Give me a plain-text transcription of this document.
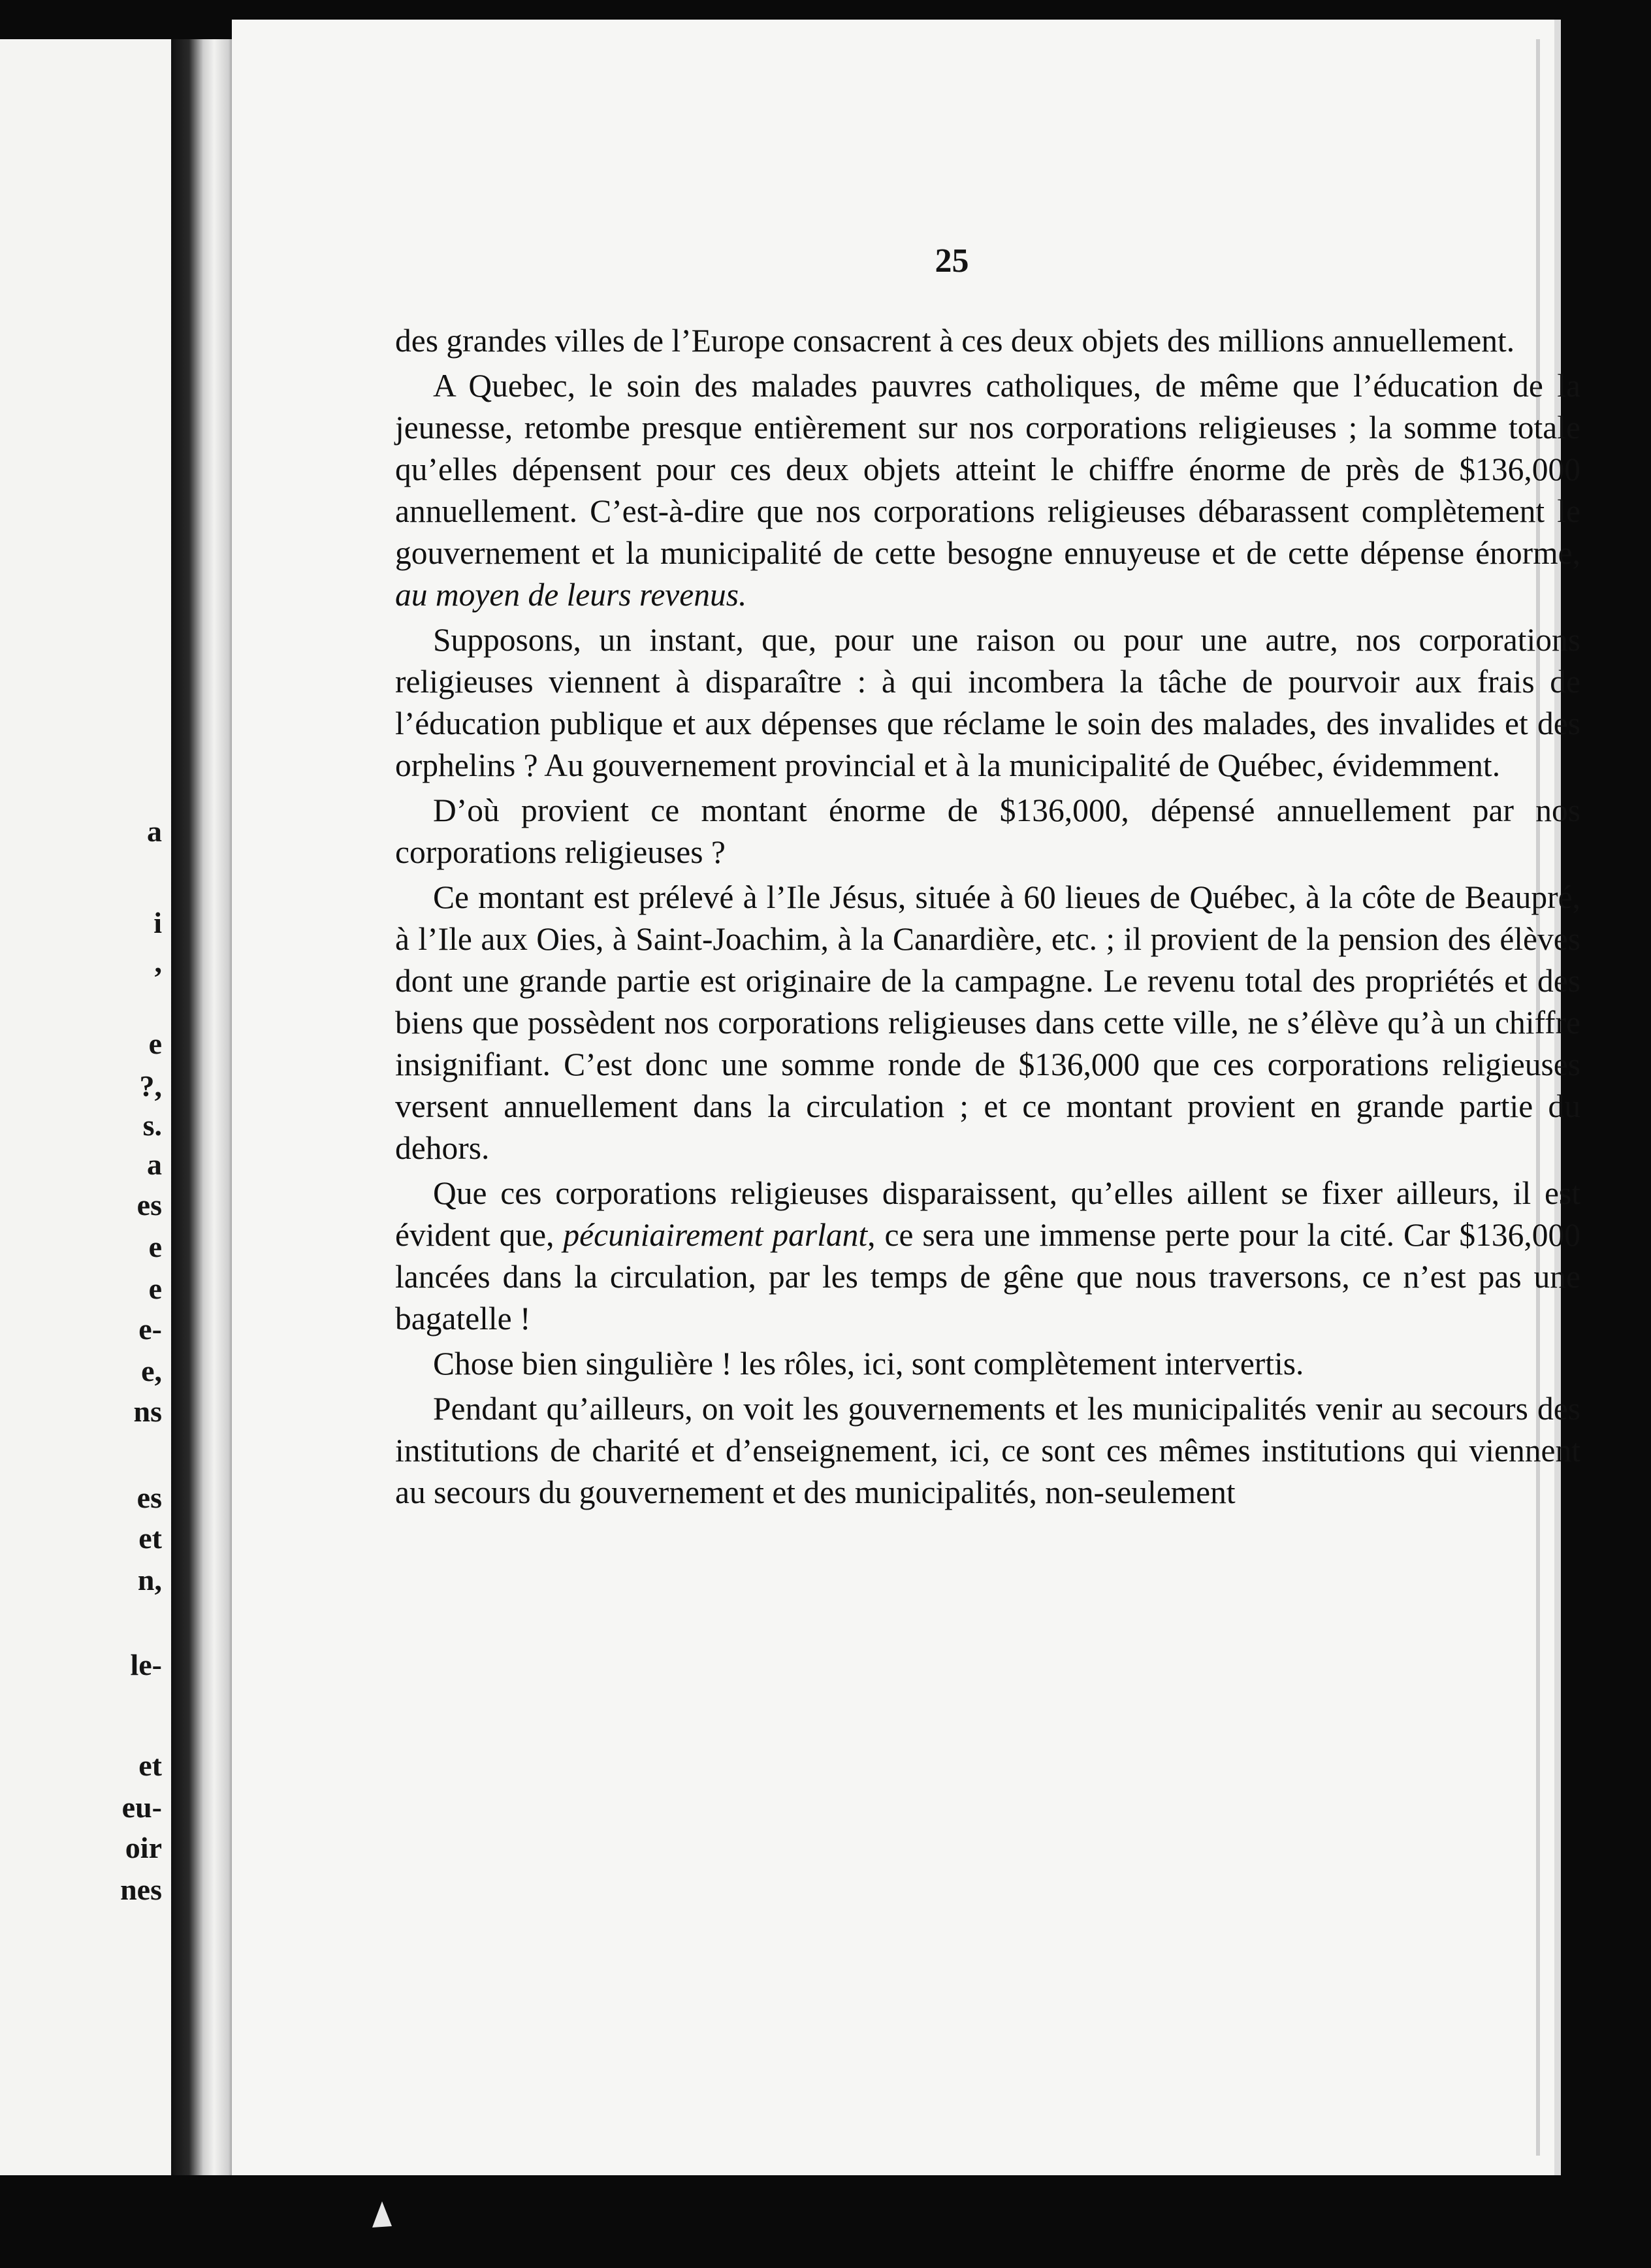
a
i
,
e
?,
s.
a
es
e
e
e-
e,
ns
es
et
n,
le-
et
eu-
oir
nes
25

des grandes villes de l’Europe consacrent à ces deux objets des millions annuellement.

A Quebec, le soin des malades pauvres catholiques, de même que l’éducation de la jeunesse, retombe presque entièrement sur nos corporations religieuses ; la somme totale qu’elles dépensent pour ces deux objets atteint le chiffre énorme de près de $136,000 annuellement. C’est-à-dire que nos corporations religieuses débarassent complètement le gouvernement et la municipalité de cette besogne ennuyeuse et de cette dépense énorme, au moyen de leurs revenus.

Supposons, un instant, que, pour une raison ou pour une autre, nos corporations religieuses viennent à disparaître : à qui incombera la tâche de pourvoir aux frais de l’éducation publique et aux dépenses que réclame le soin des malades, des invalides et des orphelins ? Au gouvernement provincial et à la municipalité de Québec, évidemment.

D’où provient ce montant énorme de $136,000, dépensé annuellement par nos corporations religieuses ?

Ce montant est prélevé à l’Ile Jésus, située à 60 lieues de Québec, à la côte de Beaupré, à l’Ile aux Oies, à Saint-Joachim, à la Canardière, etc. ; il provient de la pension des élèves dont une grande partie est originaire de la campagne. Le revenu total des propriétés et des biens que possèdent nos corporations religieuses dans cette ville, ne s’élève qu’à un chiffre insignifiant. C’est donc une somme ronde de $136,000 que ces corporations religieuses versent annuellement dans la circulation ; et ce montant provient en grande partie du dehors.

Que ces corporations religieuses disparaissent, qu’elles aillent se fixer ailleurs, il est évident que, pécuniairement parlant, ce sera une immense perte pour la cité. Car $136,000 lancées dans la circulation, par les temps de gêne que nous traversons, ce n’est pas une bagatelle !

Chose bien singulière ! les rôles, ici, sont complètement intervertis.

Pendant qu’ailleurs, on voit les gouvernements et les municipalités venir au secours des institutions de charité et d’enseignement, ici, ce sont ces mêmes institutions qui viennent au secours du gouvernement et des municipalités, non-seulement
